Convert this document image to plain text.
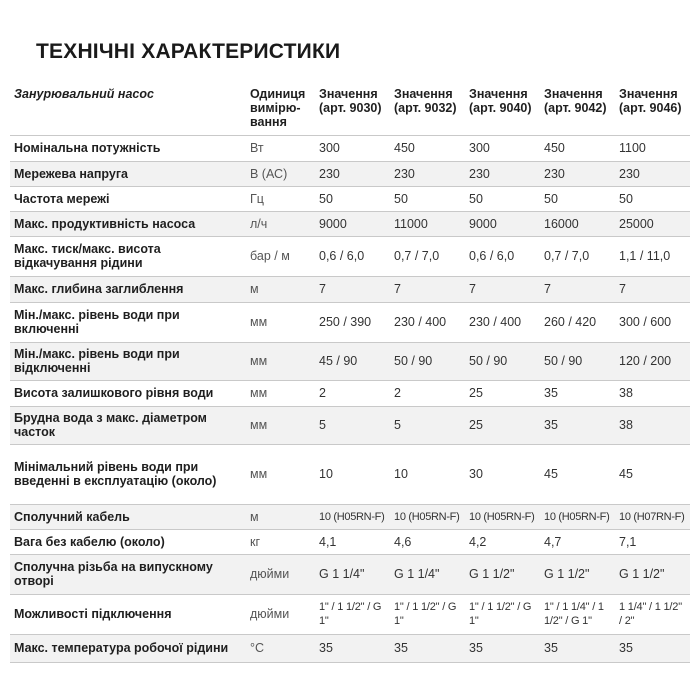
ТЕХНІЧНІ ХАРАКТЕРИСТИКИ
Занурювальний насос	Одиниця вимірю-вання	Значення (арт. 9030)	Значення (арт. 9032)	Значення (арт. 9040)	Значення (арт. 9042)	Значення (арт. 9046)
Номінальна потужність	Вт	300	450	300	450	1100
Мережева напруга	В (АС)	230	230	230	230	230
Частота мережі	Гц	50	50	50	50	50
Макс. продуктивність насоса	л/ч	9000	11000	9000	16000	25000
Макс. тиск/макс. висота відкачування рідини	бар / м	0,6 / 6,0	0,7 / 7,0	0,6 / 6,0	0,7 / 7,0	1,1 / 11,0
Макс. глибина заглиблення	м	7	7	7	7	7
Мін./макс. рівень води при включенні	мм	250 / 390	230 / 400	230 / 400	260 / 420	300 / 600
Мін./макс. рівень води при відключенні	мм	45 / 90	50 / 90	50 / 90	50 / 90	120 / 200
Висота залишкового рівня води	мм	2	2	25	35	38
Брудна вода з макс. діаметром часток	мм	5	5	25	35	38
Мінімальний рівень води при введенні в експлуатацію (около)	мм	10	10	30	45	45
Сполучний кабель	м	10 (H05RN-F)	10 (H05RN-F)	10 (H05RN-F)	10 (H05RN-F)	10 (H07RN-F)
Вага без кабелю (около)	кг	4,1	4,6	4,2	4,7	7,1
Сполучна різьба на випускному отворі	дюйми	G 1 1/4"	G 1 1/4"	G 1 1/2"	G 1 1/2"	G 1 1/2"
Можливості підключення	дюйми	1" / 1 1/2" / G 1"	1" / 1 1/2" / G 1"	1" / 1 1/2" / G 1"	1" / 1 1/4" / 1 1/2" / G 1"	1 1/4" / 1 1/2" / 2"
Макс. температура робочої рідини	°C	35	35	35	35	35
